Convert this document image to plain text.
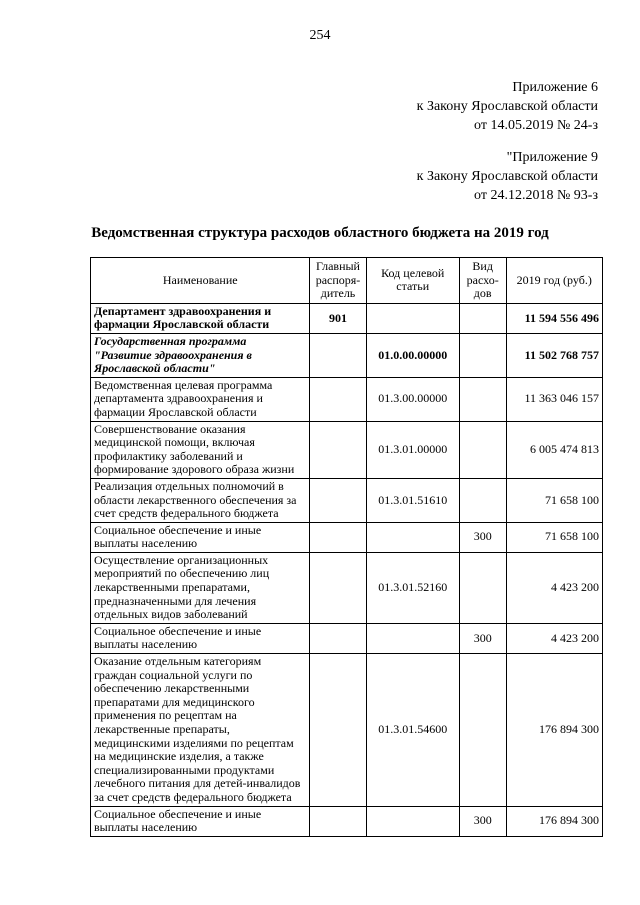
254
Приложение 6
к Закону Ярославской области
от 14.05.2019 № 24-з
"Приложение 9
к Закону Ярославской области
от 24.12.2018 № 93-з
Ведомственная структура расходов областного бюджета на 2019 год
Наименование	Главный распоря-дитель	Код целевой статьи	Вид расхо-дов	2019 год (руб.)
Департамент здравоохранения и фармации Ярославской области	901			11 594 556 496
Государственная программа "Развитие здравоохранения в Ярославской области"		01.0.00.00000		11 502 768 757
Ведомственная целевая программа департамента здравоохранения и фармации Ярославской области		01.3.00.00000		11 363 046 157
Совершенствование оказания медицинской помощи, включая профилактику заболеваний и формирование здорового образа жизни		01.3.01.00000		6 005 474 813
Реализация отдельных полномочий в области лекарственного обеспечения за счет средств федерального бюджета		01.3.01.51610		71 658 100
Социальное обеспечение и иные выплаты населению			300	71 658 100
Осуществление организационных мероприятий по обеспечению лиц лекарственными препаратами, предназначенными для лечения отдельных видов заболеваний		01.3.01.52160		4 423 200
Социальное обеспечение и иные выплаты населению			300	4 423 200
Оказание отдельным категориям граждан социальной услуги по обеспечению лекарственными препаратами для медицинского применения по рецептам на лекарственные препараты, медицинскими изделиями по рецептам на медицинские изделия, а также специализированными продуктами лечебного питания для детей-инвалидов за счет средств федерального бюджета		01.3.01.54600		176 894 300
Социальное обеспечение и иные выплаты населению			300	176 894 300
